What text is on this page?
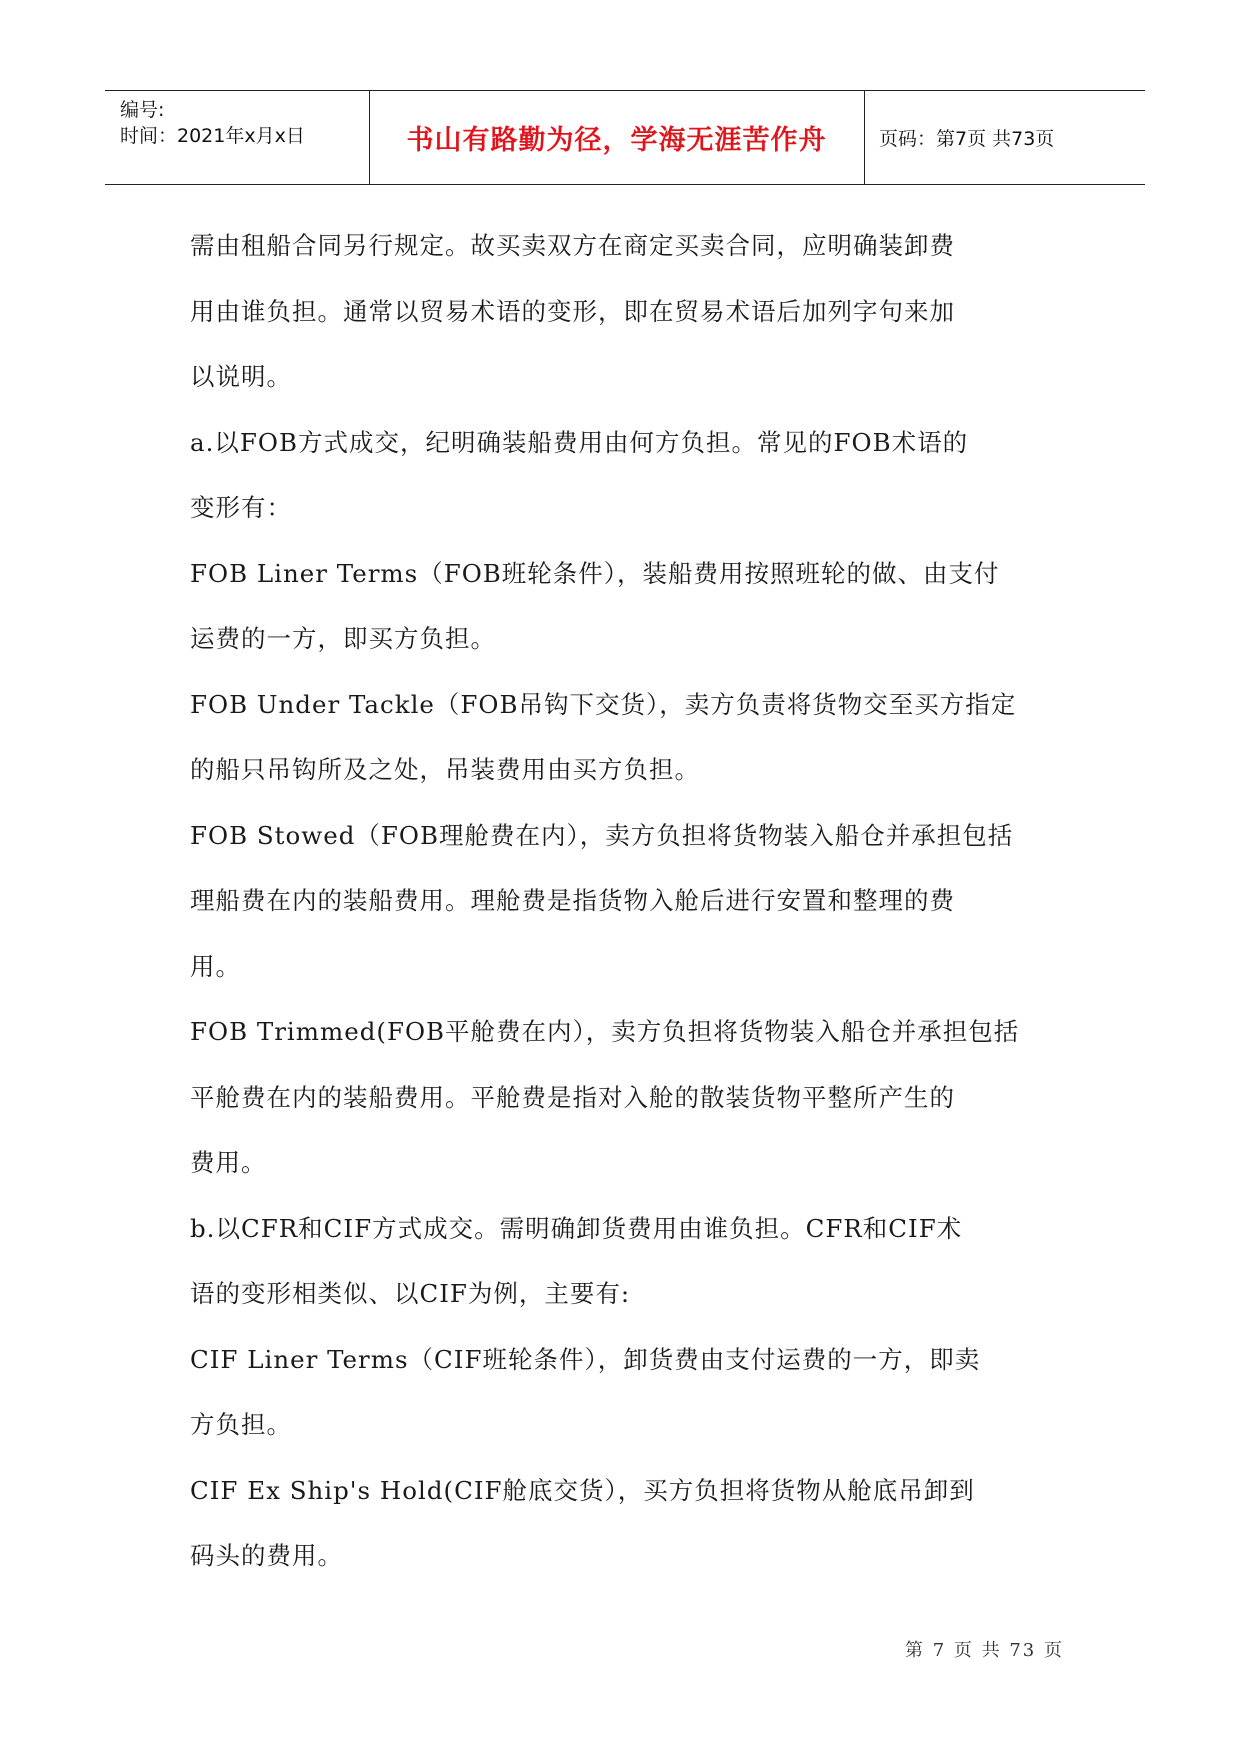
编号:
时间：2021年x月x日	书山有路勤为径，学海无涯苦作舟	页码：第7页 共73页
需由租船合同另行规定。故买卖双方在商定买卖合同，应明确装卸费
用由谁负担。通常以贸易术语的变形，即在贸易术语后加列字句来加
以说明。
a.以FOB方式成交，纪明确装船费用由何方负担。常见的FOB术语的
变形有：
FOB Liner Terms（FOB班轮条件），装船费用按照班轮的做、由支付
运费的一方，即买方负担。
FOB Under Tackle（FOB吊钩下交货），卖方负责将货物交至买方指定
的船只吊钩所及之处，吊装费用由买方负担。
FOB Stowed（FOB理舱费在内），卖方负担将货物装入船仓并承担包括
理船费在内的装船费用。理舱费是指货物入舱后进行安置和整理的费
用。
FOB Trimmed(FOB平舱费在内），卖方负担将货物装入船仓并承担包括
平舱费在内的装船费用。平舱费是指对入舱的散装货物平整所产生的
费用。
b.以CFR和CIF方式成交。需明确卸货费用由谁负担。CFR和CIF术
语的变形相类似、以CIF为例，主要有:
CIF Liner Terms（CIF班轮条件），卸货费由支付运费的一方，即卖
方负担。
CIF Ex Ship's Hold(CIF舱底交货），买方负担将货物从舱底吊卸到
码头的费用。
第 7 页 共 73 页
